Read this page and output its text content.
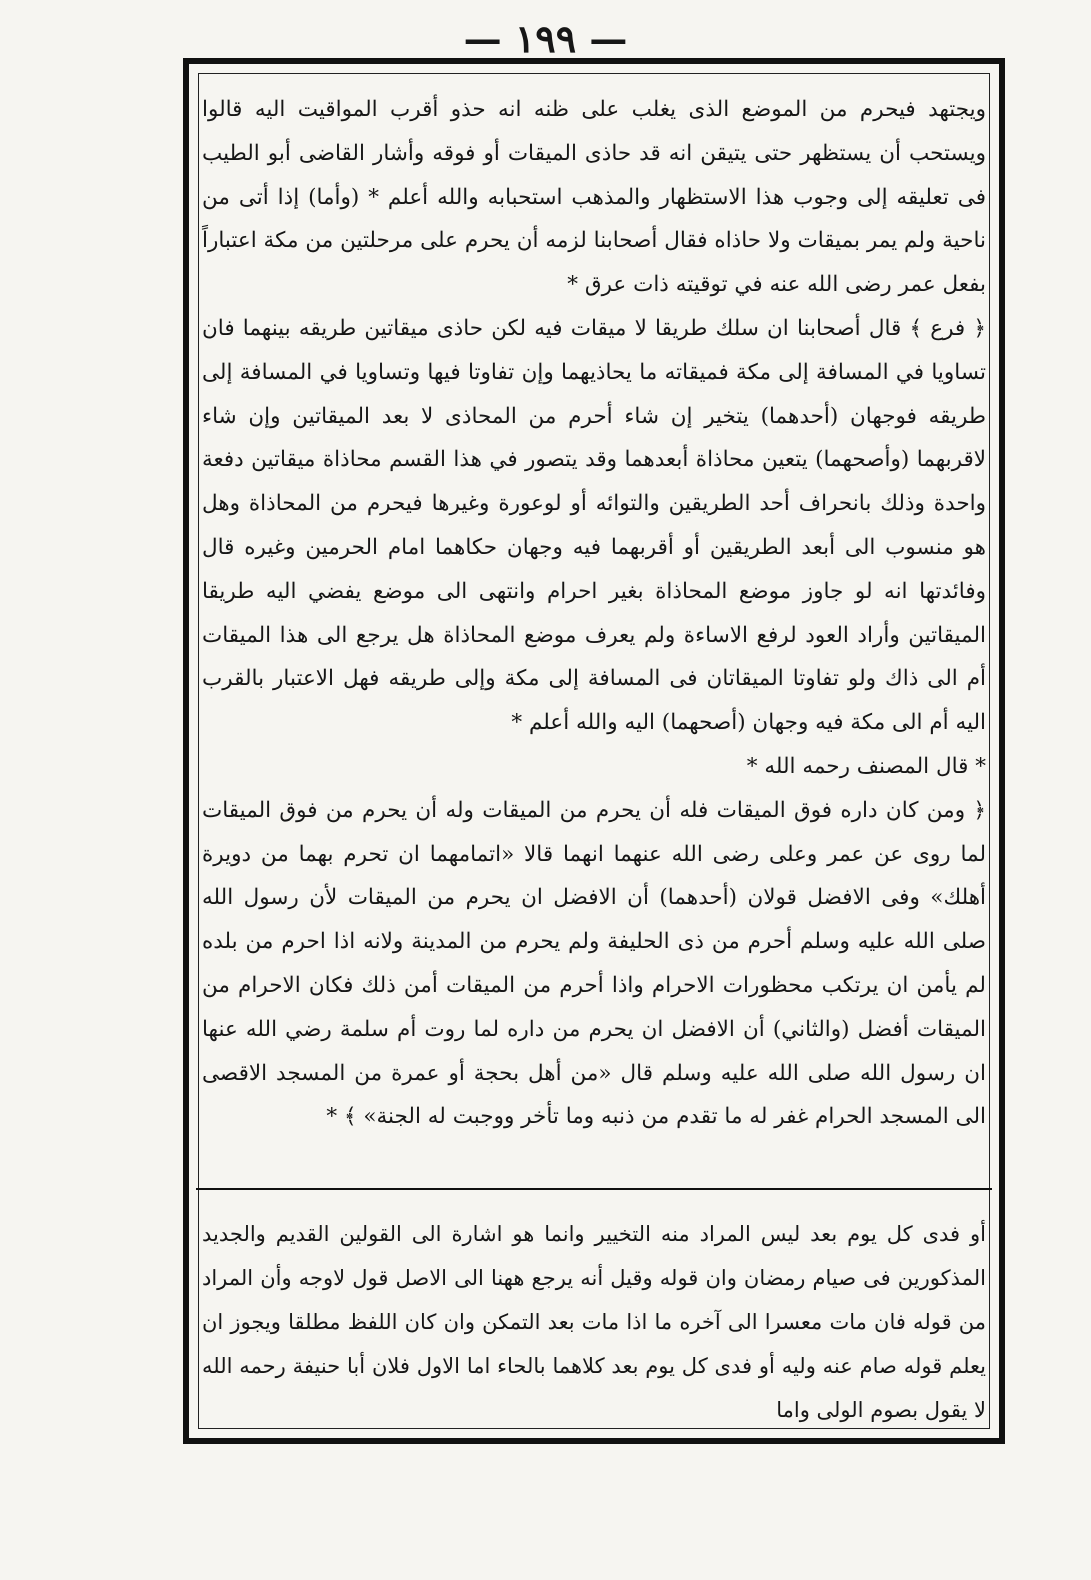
— ١٩٩ —

ويجتهد فيحرم من الموضع الذى يغلب على ظنه انه حذو أقرب المواقيت اليه قالوا ويستحب أن يستظهر حتى يتيقن انه قد حاذى الميقات أو فوقه وأشار القاضى أبو الطيب فى تعليقه إلى وجوب هذا الاستظهار والمذهب استحبابه والله أعلم * (وأما) إذا أتى من ناحية ولم يمر بميقات ولا حاذاه فقال أصحابنا لزمه أن يحرم على مرحلتين من مكة اعتباراً بفعل عمر رضى الله عنه في توقيته ذات عرق *

﴿ فرع ﴾ قال أصحابنا ان سلك طريقا لا ميقات فيه لكن حاذى ميقاتين طريقه بينهما فان تساويا في المسافة إلى مكة فميقاته ما يحاذيهما وإن تفاوتا فيها وتساويا في المسافة إلى طريقه فوجهان (أحدهما) يتخير إن شاء أحرم من المحاذى لا بعد الميقاتين وإن شاء لاقربهما (وأصحهما) يتعين محاذاة أبعدهما وقد يتصور في هذا القسم محاذاة ميقاتين دفعة واحدة وذلك بانحراف أحد الطريقين والتوائه أو لوعورة وغيرها فيحرم من المحاذاة وهل هو منسوب الى أبعد الطريقين أو أقربهما فيه وجهان حكاهما امام الحرمين وغيره قال وفائدتها انه لو جاوز موضع المحاذاة بغير احرام وانتهى الى موضع يفضي اليه طريقا الميقاتين وأراد العود لرفع الاساءة ولم يعرف موضع المحاذاة هل يرجع الى هذا الميقات أم الى ذاك ولو تفاوتا الميقاتان فى المسافة إلى مكة وإلى طريقه فهل الاعتبار بالقرب اليه أم الى مكة فيه وجهان (أصحهما) اليه والله أعلم *

* قال المصنف رحمه الله *

﴿ ومن كان داره فوق الميقات فله أن يحرم من الميقات وله أن يحرم من فوق الميقات لما روى عن عمر وعلى رضى الله عنهما انهما قالا «اتمامهما ان تحرم بهما من دويرة أهلك» وفى الافضل قولان (أحدهما) أن الافضل ان يحرم من الميقات لأن رسول الله صلى الله عليه وسلم أحرم من ذى الحليفة ولم يحرم من المدينة ولانه اذا احرم من بلده لم يأمن ان يرتكب محظورات الاحرام واذا أحرم من الميقات أمن ذلك فكان الاحرام من الميقات أفضل (والثاني) أن الافضل ان يحرم من داره لما روت أم سلمة رضي الله عنها ان رسول الله صلى الله عليه وسلم قال «من أهل بحجة أو عمرة من المسجد الاقصى الى المسجد الحرام غفر له ما تقدم من ذنبه وما تأخر ووجبت له الجنة» ﴾ *

أو فدى كل يوم بعد ليس المراد منه التخيير وانما هو اشارة الى القولين القديم والجديد المذكورين فى صيام رمضان وان قوله وقيل أنه يرجع ههنا الى الاصل قول لاوجه وأن المراد من قوله فان مات معسرا الى آخره ما اذا مات بعد التمكن وان كان اللفظ مطلقا ويجوز ان يعلم قوله صام عنه وليه أو فدى كل يوم بعد كلاهما بالحاء اما الاول فلان أبا حنيفة رحمه الله لا يقول بصوم الولى واما
